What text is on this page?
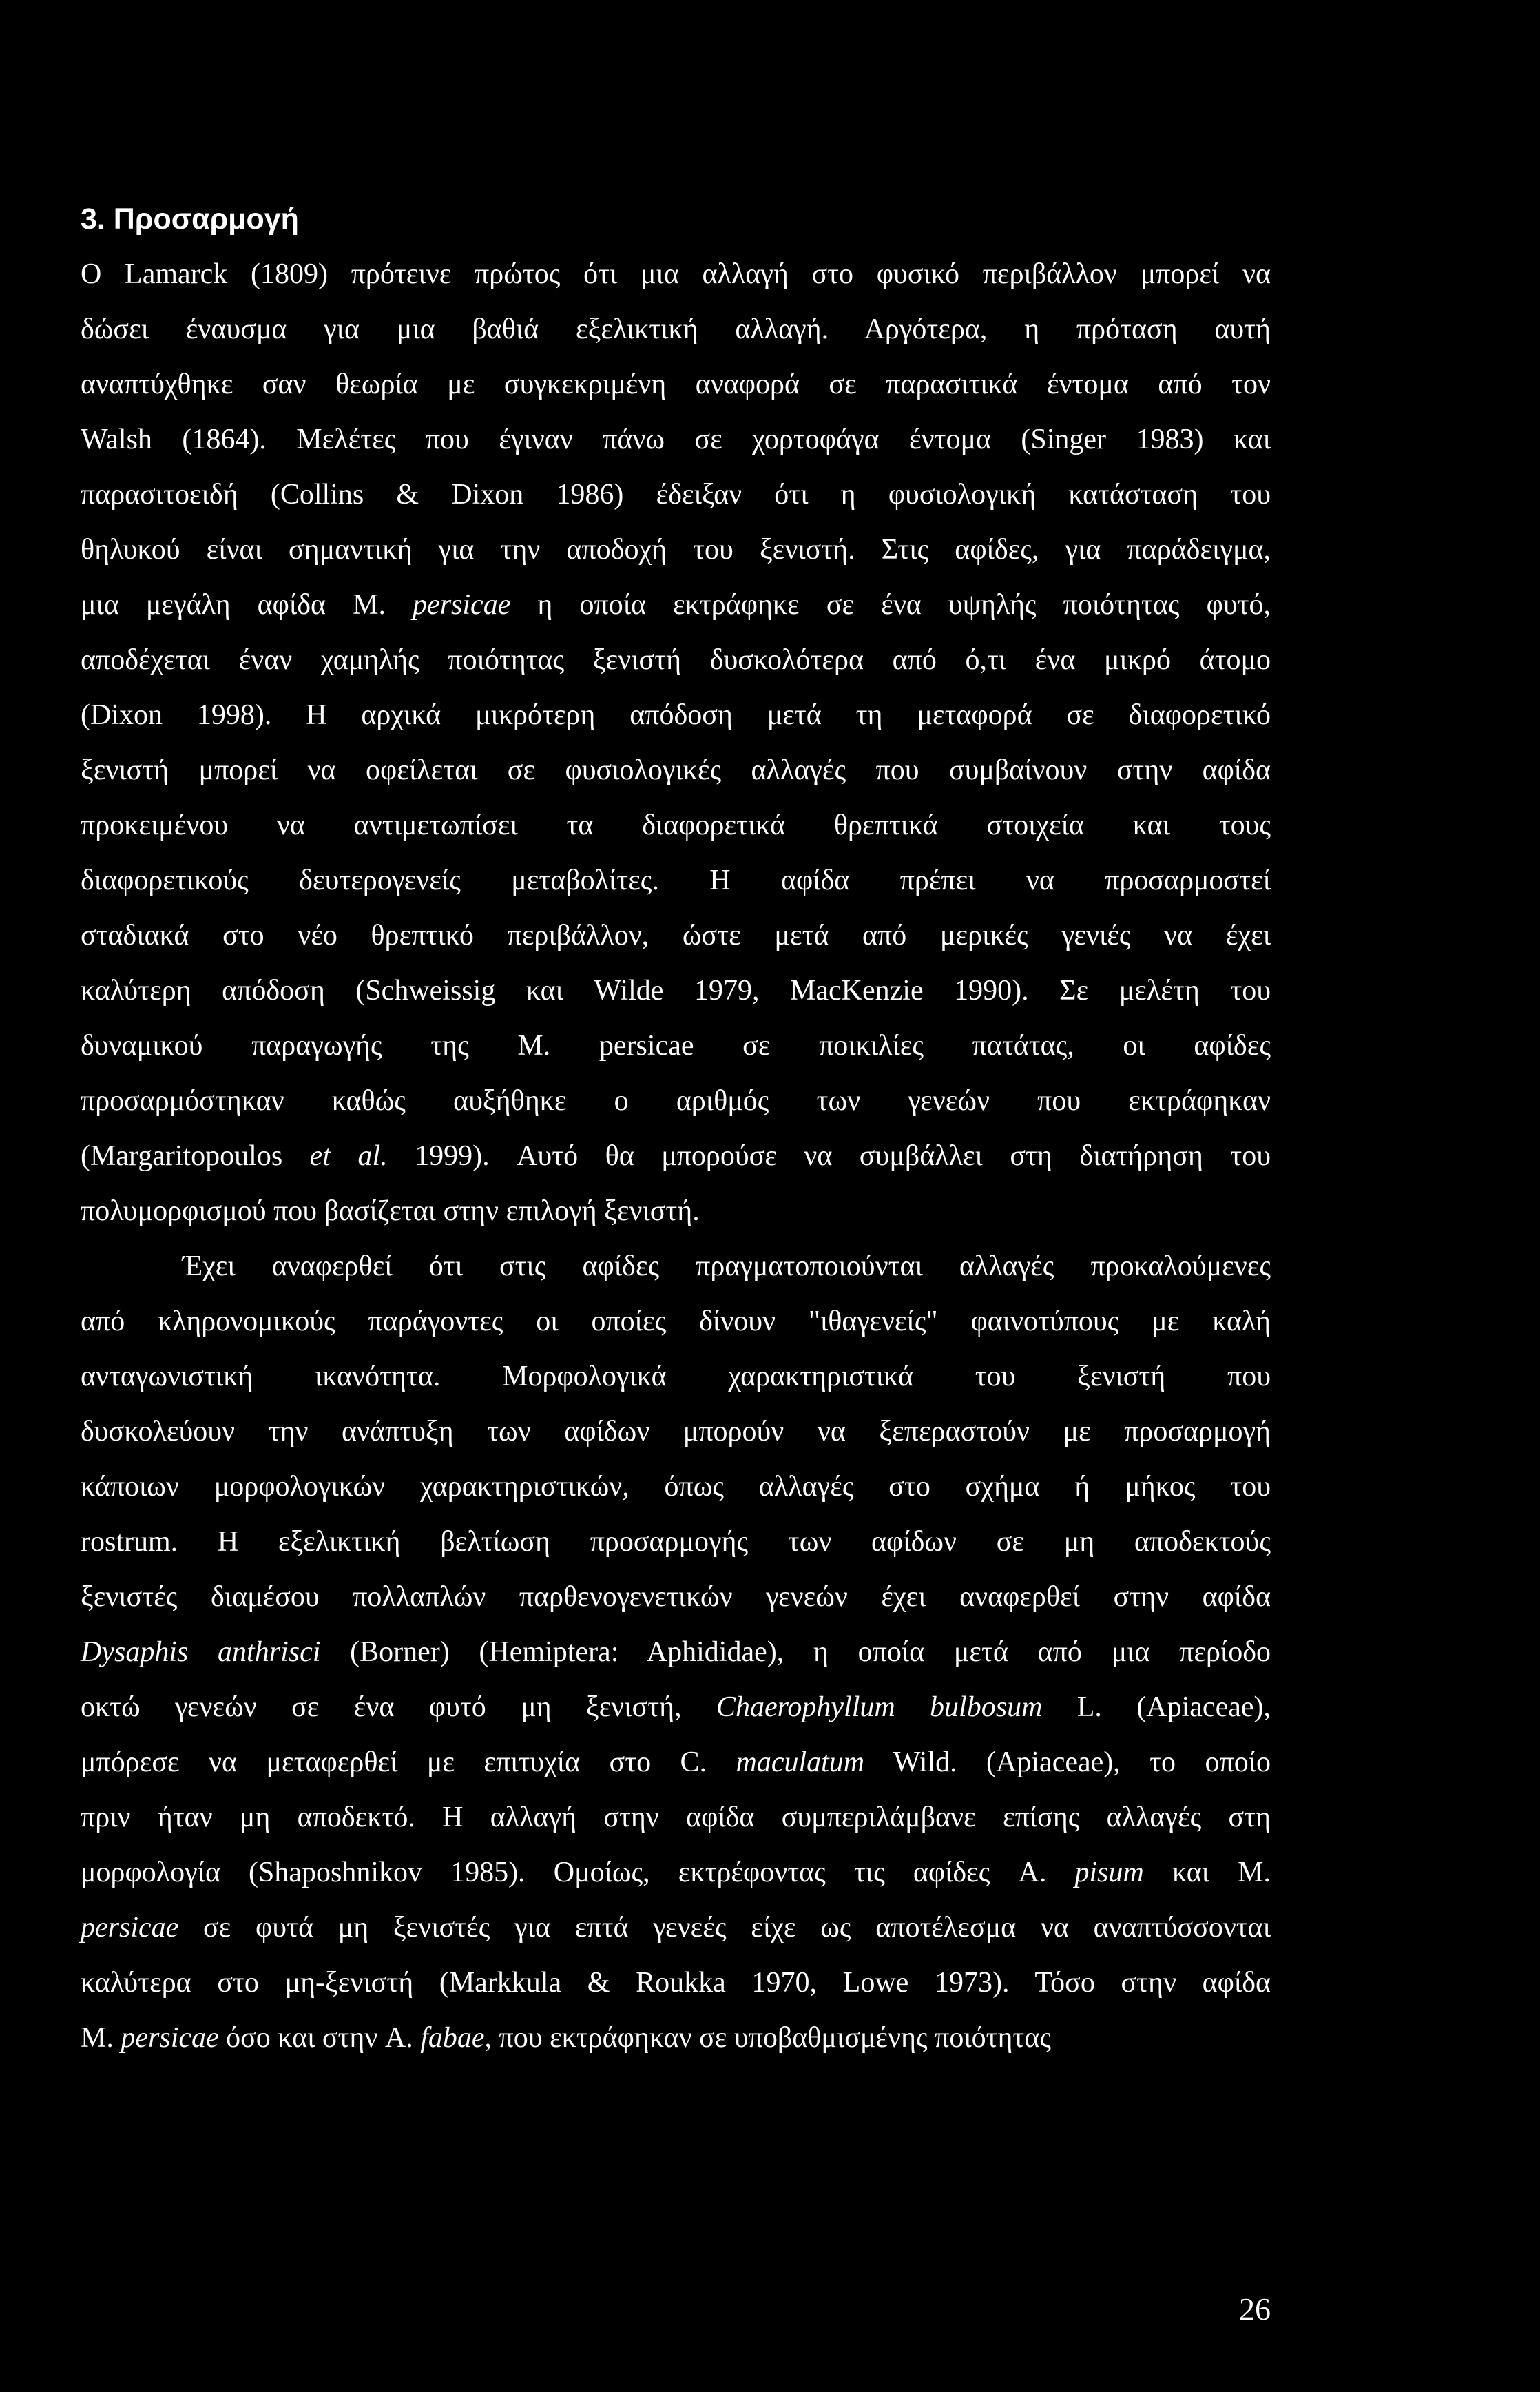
3. Προσαρμογή

Ο Lamarck (1809) πρότεινε πρώτος ότι μια αλλαγή στο φυσικό περιβάλλον μπορεί να

δώσει έναυσμα για μια βαθιά εξελικτική αλλαγή. Αργότερα, η πρόταση αυτή

αναπτύχθηκε σαν θεωρία με συγκεκριμένη αναφορά σε παρασιτικά έντομα από τον

Walsh (1864). Μελέτες που έγιναν πάνω σε χορτοφάγα έντομα (Singer 1983) και

παρασιτοειδή (Collins & Dixon 1986) έδειξαν ότι η φυσιολογική κατάσταση του

θηλυκού είναι σημαντική για την αποδοχή του ξενιστή. Στις αφίδες, για παράδειγμα,

μια μεγάλη αφίδα M. persicae η οποία εκτράφηκε σε ένα υψηλής ποιότητας φυτό,

αποδέχεται έναν χαμηλής ποιότητας ξενιστή δυσκολότερα από ό,τι ένα μικρό άτομο

(Dixon 1998). Η αρχικά μικρότερη απόδοση μετά τη μεταφορά σε διαφορετικό

ξενιστή μπορεί να οφείλεται σε φυσιολογικές αλλαγές που συμβαίνουν στην αφίδα

προκειμένου να αντιμετωπίσει τα διαφορετικά θρεπτικά στοιχεία και τους

διαφορετικούς δευτερογενείς μεταβολίτες. Η αφίδα πρέπει να προσαρμοστεί

σταδιακά στο νέο θρεπτικό περιβάλλον, ώστε μετά από μερικές γενιές να έχει

καλύτερη απόδοση (Schweissig και Wilde 1979, MacKenzie 1990). Σε μελέτη του

δυναμικού παραγωγής της M. persicae σε ποικιλίες πατάτας, οι αφίδες

προσαρμόστηκαν καθώς αυξήθηκε ο αριθμός των γενεών που εκτράφηκαν

(Margaritopoulos et al. 1999). Αυτό θα μπορούσε να συμβάλλει στη διατήρηση του

πολυμορφισμού που βασίζεται στην επιλογή ξενιστή.

Έχει αναφερθεί ότι στις αφίδες πραγματοποιούνται αλλαγές προκαλούμενες

από κληρονομικούς παράγοντες οι οποίες δίνουν "ιθαγενείς" φαινοτύπους με καλή

ανταγωνιστική ικανότητα. Μορφολογικά χαρακτηριστικά του ξενιστή που

δυσκολεύουν την ανάπτυξη των αφίδων μπορούν να ξεπεραστούν με προσαρμογή

κάποιων μορφολογικών χαρακτηριστικών, όπως αλλαγές στο σχήμα ή μήκος του

rostrum. Η εξελικτική βελτίωση προσαρμογής των αφίδων σε μη αποδεκτούς

ξενιστές διαμέσου πολλαπλών παρθενογενετικών γενεών έχει αναφερθεί στην αφίδα

Dysaphis anthrisci (Borner) (Hemiptera: Aphididae), η οποία μετά από μια περίοδο

οκτώ γενεών σε ένα φυτό μη ξενιστή, Chaerophyllum bulbosum L. (Apiaceae),

μπόρεσε να μεταφερθεί με επιτυχία στο C. maculatum Wild. (Apiaceae), το οποίο

πριν ήταν μη αποδεκτό. Η αλλαγή στην αφίδα συμπεριλάμβανε επίσης αλλαγές στη

μορφολογία (Shaposhnikov 1985). Ομοίως, εκτρέφοντας τις αφίδες A. pisum και M.

persicae σε φυτά μη ξενιστές για επτά γενεές είχε ως αποτέλεσμα να αναπτύσσονται

καλύτερα στο μη-ξενιστή (Markkula & Roukka 1970, Lowe 1973). Τόσο στην αφίδα

M. persicae όσο και στην A. fabae, που εκτράφηκαν σε υποβαθμισμένης ποιότητας

26
